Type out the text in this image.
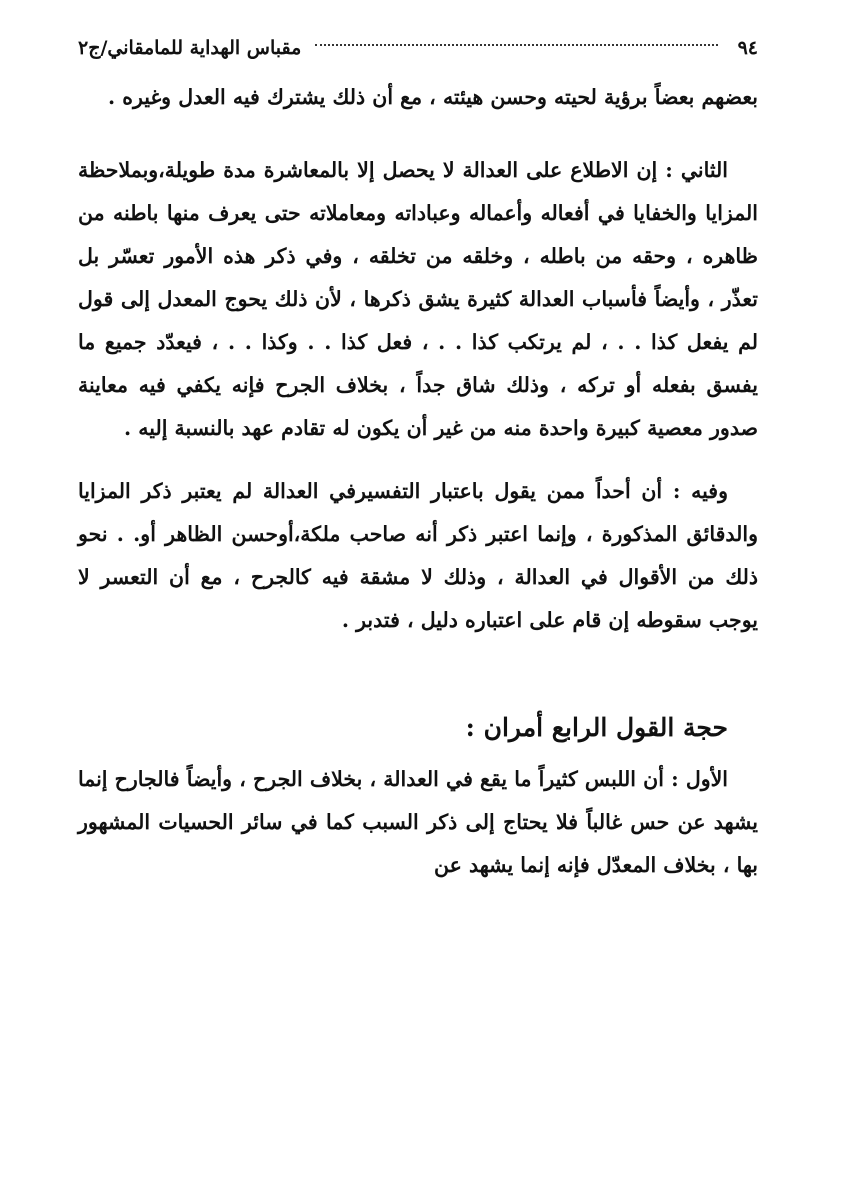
٩٤
مقباس الهداية للمامقاني/ج٢

بعضهم بعضاً برؤية لحيته وحسن هيئته ، مع أن ذلك يشترك فيه العدل وغيره .

الثاني : إن الاطلاع على العدالة لا يحصل إلا بالمعاشرة مدة طويلة،وبملاحظة المزايا والخفايا في أفعاله وأعماله وعباداته ومعاملاته حتى يعرف منها باطنه من ظاهره ، وحقه من باطله ، وخلقه من تخلقه ، وفي ذكر هذه الأمور تعسّر بل تعذّر ، وأيضاً فأسباب العدالة كثيرة يشق ذكرها ، لأن ذلك يحوج المعدل إلى قول لم يفعل كذا . . ، لم يرتكب كذا . . ، فعل كذا . . وكذا . . ، فيعدّد جميع ما يفسق بفعله أو تركه ، وذلك شاق جداً ، بخلاف الجرح فإنه يكفي فيه معاينة صدور معصية كبيرة واحدة منه من غير أن يكون له تقادم عهد بالنسبة إليه .

وفيه : أن أحداً ممن يقول باعتبار التفسيرفي العدالة لم يعتبر ذكر المزايا والدقائق المذكورة ، وإنما اعتبر ذكر أنه صاحب ملكة،أوحسن الظاهر أو. . نحو ذلك من الأقوال في العدالة ، وذلك لا مشقة فيه كالجرح ، مع أن التعسر لا يوجب سقوطه إن قام على اعتباره دليل ، فتدبر .

حجة القول الرابع أمران :

الأول : أن اللبس كثيراً ما يقع في العدالة ، بخلاف الجرح ، وأيضاً فالجارح إنما يشهد عن حس غالباً فلا يحتاج إلى ذكر السبب كما في سائر الحسيات المشهور بها ، بخلاف المعدّل فإنه إنما يشهد عن
